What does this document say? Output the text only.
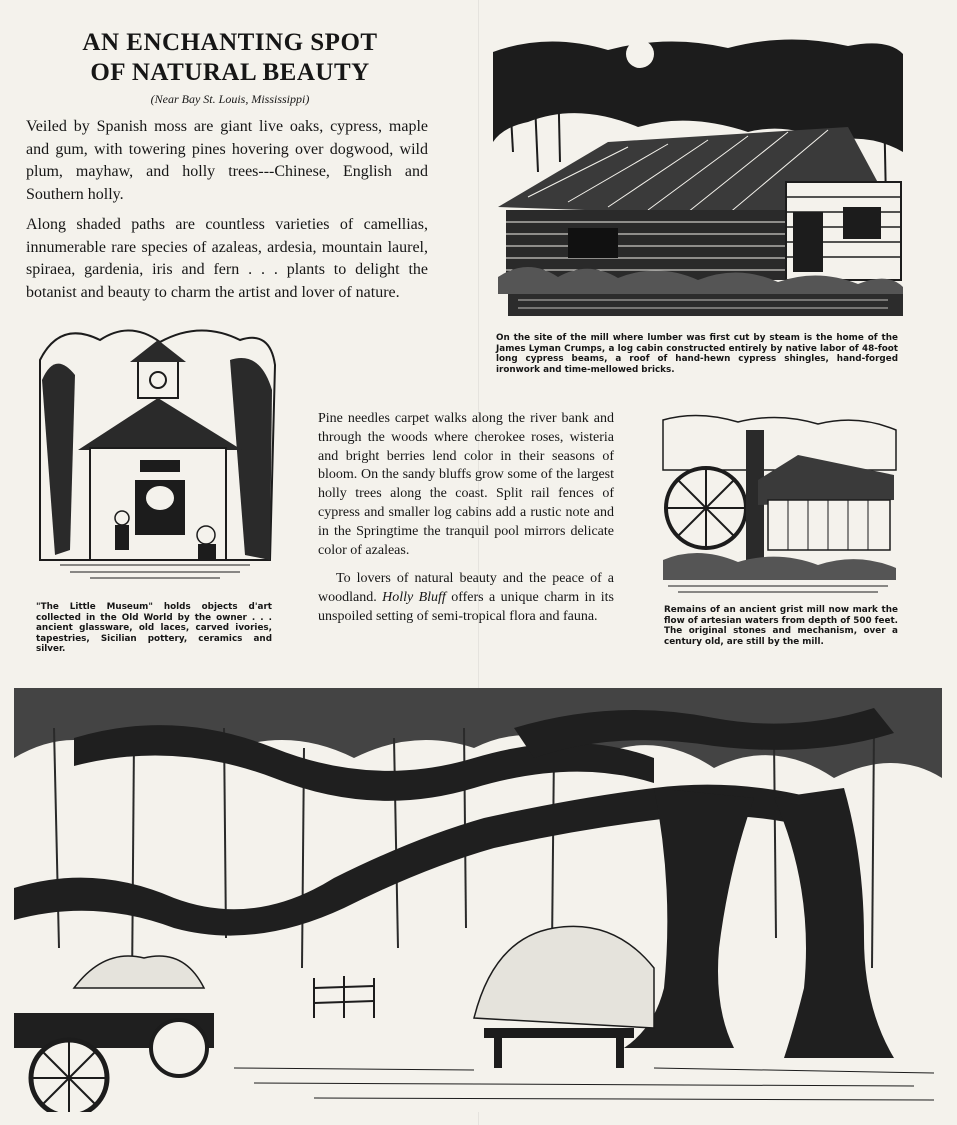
AN ENCHANTING SPOT
OF NATURAL BEAUTY
(Near Bay St. Louis, Mississippi)

Veiled by Spanish moss are giant live oaks, cypress, maple and gum, with towering pines hovering over dogwood, wild plum, mayhaw, and holly trees---Chinese, English and Southern holly.

Along shaded paths are countless varieties of camellias, innumerable rare species of azaleas, ardesia, mountain laurel, spiraea, gardenia, iris and fern . . . plants to delight the botanist and beauty to charm the artist and lover of nature.

On the site of the mill where lumber was first cut by steam is the home of the James Lyman Crumps, a log cabin constructed entirely by native labor of 48-foot long cypress beams, a roof of hand-hewn cypress shingles, hand-forged ironwork and time-mellowed bricks.
"The Little Museum" holds objects d'art collected in the Old World by the owner . . . ancient glassware, old laces, carved ivories, tapestries, Sicilian pottery, ceramics and silver.

Pine needles carpet walks along the river bank and through the woods where cherokee roses, wisteria and bright berries lend color in their seasons of bloom. On the sandy bluffs grow some of the largest holly trees along the coast. Split rail fences of cypress and smaller log cabins add a rustic note and in the Springtime the tranquil pool mirrors delicate color of azaleas.

To lovers of natural beauty and the peace of a woodland. Holly Bluff offers a unique charm in its unspoiled setting of semi-tropical flora and fauna.	Remains of an ancient grist mill now mark the flow of artesian waters from depth of 500 feet. The original stones and mechanism, over a century old, are still by the mill.
